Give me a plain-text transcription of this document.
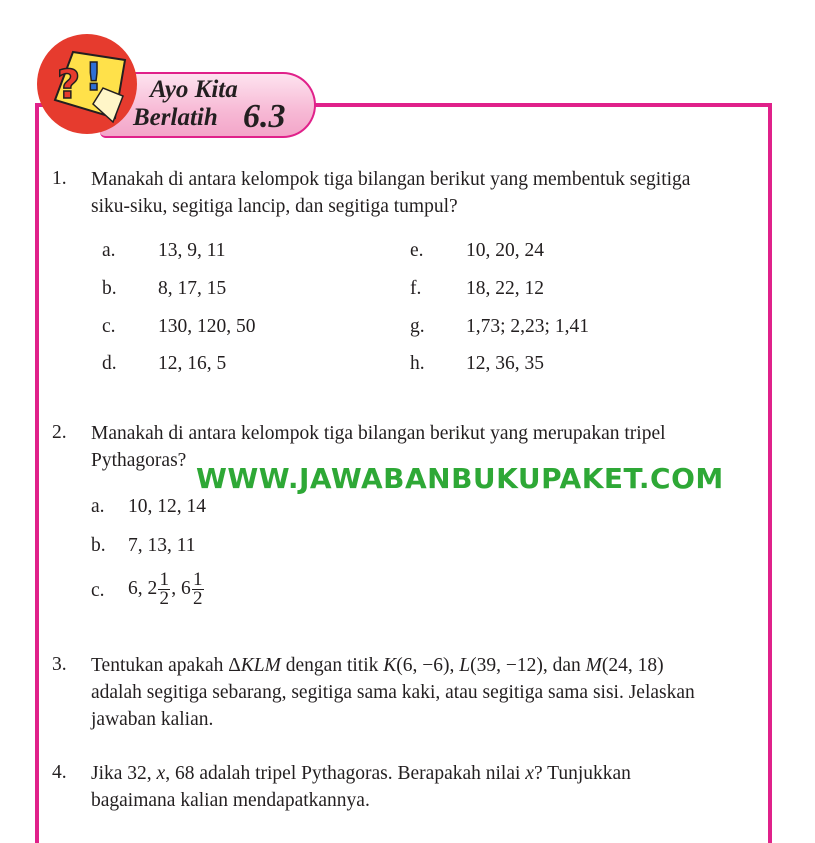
? ! Ayo Kita
Berlatih 6.3
1. Manakah di antara kelompok tiga bilangan berikut yang membentuk segitiga
siku-siku, segitiga lancip, dan segitiga tumpul?
a. 13, 9, 11
b. 8, 17, 15
c. 130, 120, 50
d. 12, 16, 5
e. 10, 20, 24
f. 18, 22, 12
g. 1,73; 2,23; 1,41
h. 12, 36, 35
2. Manakah di antara kelompok tiga bilangan berikut yang merupakan tripel
Pythagoras?
WWW.JAWABANBUKUPAKET.COM
a. 10, 12, 14
b. 7, 13, 11
c. 6, $2 \frac{1}{2}$ , $6 \frac{1}{2}$
3. Tentukan apakah ΔKLM dengan titik K(6, −6), L(39, −12), dan M(24, 18)
adalah segitiga sebarang, segitiga sama kaki, atau segitiga sama sisi. Jelaskan
jawaban kalian.
4. Jika 32, x, 68 adalah tripel Pythagoras. Berapakah nilai x? Tunjukkan
bagaimana kalian mendapatkannya.
